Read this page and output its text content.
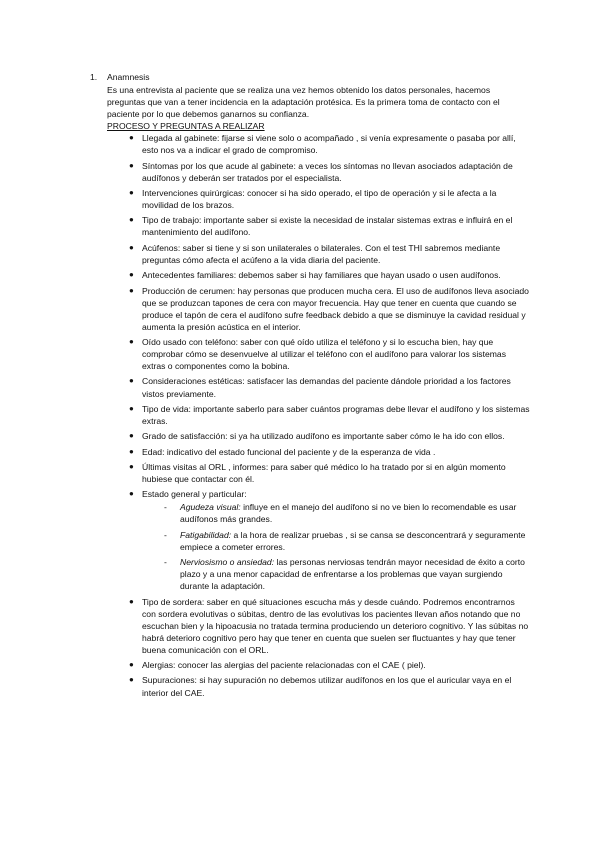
1. Anamnesis
Es una entrevista al paciente que se realiza una vez hemos obtenido los datos personales, hacemos preguntas que van a tener incidencia en la adaptación protésica. Es la primera toma de contacto con el paciente por lo que debemos ganarnos su confianza.
PROCESO Y PREGUNTAS A REALIZAR
● Llegada al gabinete: fijarse si viene solo o acompañado , si venía expresamente o pasaba por allí, esto nos va a indicar el grado de compromiso.
● Síntomas por los que acude al gabinete: a veces los síntomas no llevan asociados adaptación de audífonos y deberán ser tratados por el especialista.
● Intervenciones quirúrgicas: conocer si ha sido operado, el tipo de operación y si le afecta a la movilidad de los brazos.
● Tipo de trabajo: importante saber si existe la necesidad de instalar sistemas extras e influirá en el mantenimiento del audífono.
● Acúfenos: saber si tiene y si son unilaterales o bilaterales. Con el test THI sabremos mediante preguntas cómo afecta el acúfeno a la vida diaria del paciente.
● Antecedentes familiares: debemos saber si hay familiares que hayan usado o usen audífonos.
● Producción de cerumen: hay personas que producen mucha cera. El uso de audífonos lleva asociado que se produzcan tapones de cera con mayor frecuencia. Hay que tener en cuenta que cuando se produce el tapón de cera el audífono sufre feedback debido a que se disminuye la cavidad residual y aumenta la presión acústica en el interior.
● Oído usado con teléfono: saber con qué oído utiliza el teléfono y si lo escucha bien, hay que comprobar cómo se desenvuelve al utilizar el teléfono con el audífono para valorar los sistemas extras o componentes como la bobina.
● Consideraciones estéticas: satisfacer las demandas del paciente dándole prioridad a los factores vistos previamente.
● Tipo de vida: importante saberlo para saber cuántos programas debe llevar el audífono y los sistemas extras.
● Grado de satisfacción: si ya ha utilizado audífono es importante saber cómo le ha ido con ellos.
● Edad: indicativo del estado funcional del paciente y de la esperanza de vida .
● Últimas visitas al ORL , informes: para saber qué médico lo ha tratado por si en algún momento hubiese que contactar con él.
● Estado general y particular:
- Agudeza visual: influye en el manejo del audífono si no ve bien lo recomendable es usar audífonos más grandes.
- Fatigabilidad: a la hora de realizar pruebas , si se cansa se desconcentrará y seguramente empiece a cometer errores.
- Nerviosismo o ansiedad: las personas nerviosas tendrán mayor necesidad de éxito a corto plazo y a una menor capacidad de enfrentarse a los problemas que vayan surgiendo durante la adaptación.
● Tipo de sordera: saber en qué situaciones escucha más y desde cuándo. Podremos encontrarnos con sordera evolutivas o súbitas, dentro de las evolutivas los pacientes llevan años notando que no escuchan bien y la hipoacusia no tratada termina produciendo un deterioro cognitivo. Y las súbitas no habrá deterioro cognitivo pero hay que tener en cuenta que suelen ser fluctuantes y hay que tener buena comunicación con el ORL.
● Alergias: conocer las alergias del paciente relacionadas con el CAE ( piel).
● Supuraciones: si hay supuración no debemos utilizar audífonos en los que el auricular vaya en el interior del CAE.
